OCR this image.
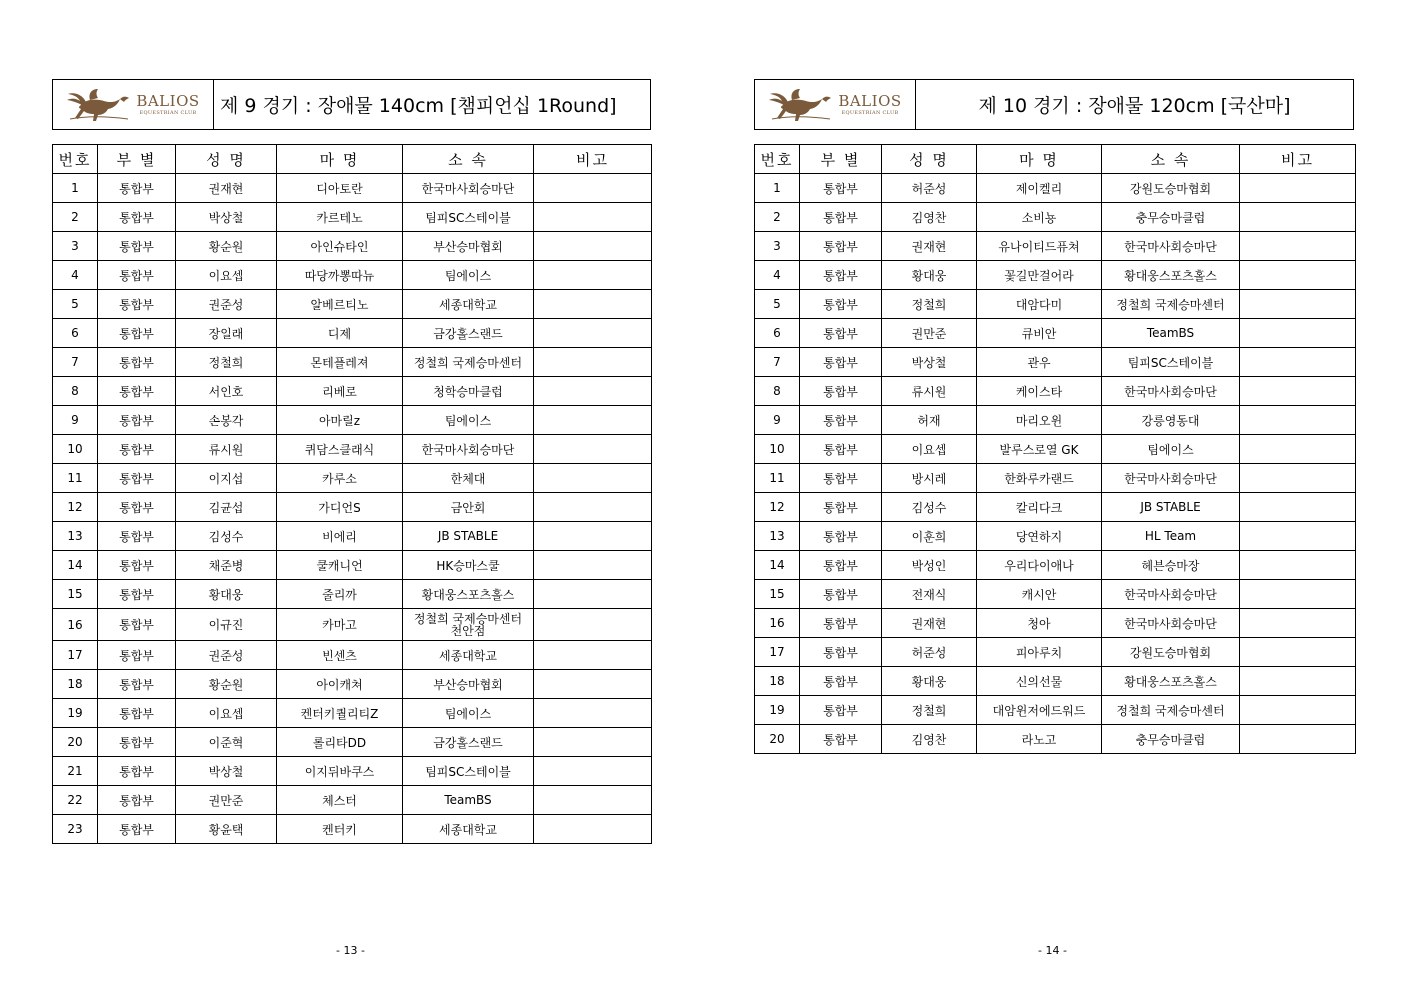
BALIOS
EQUESTRIAN CLUB	제 9 경기 : 장애물 140cm [챔피언십 1Round]
번호	부 별	성 명	마 명	소 속	비고
1	통합부	권재현	디아토란	한국마사회승마단	
2	통합부	박상철	카르테노	팀피SC스테이블	
3	통합부	황순원	아인슈타인	부산승마협회	
4	통합부	이요셉	따당까뽕따뉴	팀에이스	
5	통합부	권준성	알베르티노	세종대학교	
6	통합부	장일래	디제	금강홀스랜드	
7	통합부	정철희	몬테플레져	정철희 국제승마센터	
8	통합부	서인호	리베로	청학승마클럽	
9	통합부	손봉각	아마릴z	팀에이스	
10	통합부	류시원	퀴담스클래식	한국마사회승마단	
11	통합부	이지섭	카루소	한체대	
12	통합부	김균섭	가디언S	금안회	
13	통합부	김성수	비에리	JB STABLE	
14	통합부	채준병	쿨캐니언	HK승마스쿨	
15	통합부	황대웅	줄리까	황대웅스포츠홀스	
16	통합부	이규진	카마고	정철희 국제승마센터
천안점	

17	통합부	권준성	빈센츠	세종대학교	
18	통합부	황순원	아이캐쳐	부산승마협회	
19	통합부	이요셉	켄터키퀄리티Z	팀에이스	
20	통합부	이준혁	롤리타DD	금강홀스랜드	
21	통합부	박상철	이지뒤바쿠스	팀피SC스테이블	
22	통합부	권만준	체스터	TeamBS	
23	통합부	황윤택	켄터키	세종대학교	
- 13 -
BALIOS
EQUESTRIAN CLUB	제 10 경기 : 장애물 120cm [국산마]
번호	부 별	성 명	마 명	소 속	비고
1	통합부	허준성	제이켈리	강원도승마협회	
2	통합부	김영찬	소비뇽	충무승마클럽	
3	통합부	권재현	유나이티드퓨쳐	한국마사회승마단	
4	통합부	황대웅	꽃길만걸어라	황대웅스포츠홀스	
5	통합부	정철희	대암다미	정철희 국제승마센터	
6	통합부	권만준	큐비안	TeamBS	
7	통합부	박상철	관우	팀피SC스테이블	
8	통합부	류시원	케이스타	한국마사회승마단	
9	통합부	허재	마리오윈	강릉영동대	
10	통합부	이요셉	발루스로열 GK	팀에이스	
11	통합부	방시레	한화루카랜드	한국마사회승마단	
12	통합부	김성수	칼리다크	JB STABLE	
13	통합부	이훈희	당연하지	HL Team	
14	통합부	박성인	우리다이애나	헤븐승마장	
15	통합부	전재식	캐시안	한국마사회승마단	
16	통합부	권재현	청아	한국마사회승마단	
17	통합부	허준성	피아루치	강원도승마협회	
18	통합부	황대웅	신의선물	황대웅스포츠홀스	
19	통합부	정철희	대암윈저에드워드	정철희 국제승마센터	
20	통합부	김영찬	라노고	충무승마클럽	
- 14 -
